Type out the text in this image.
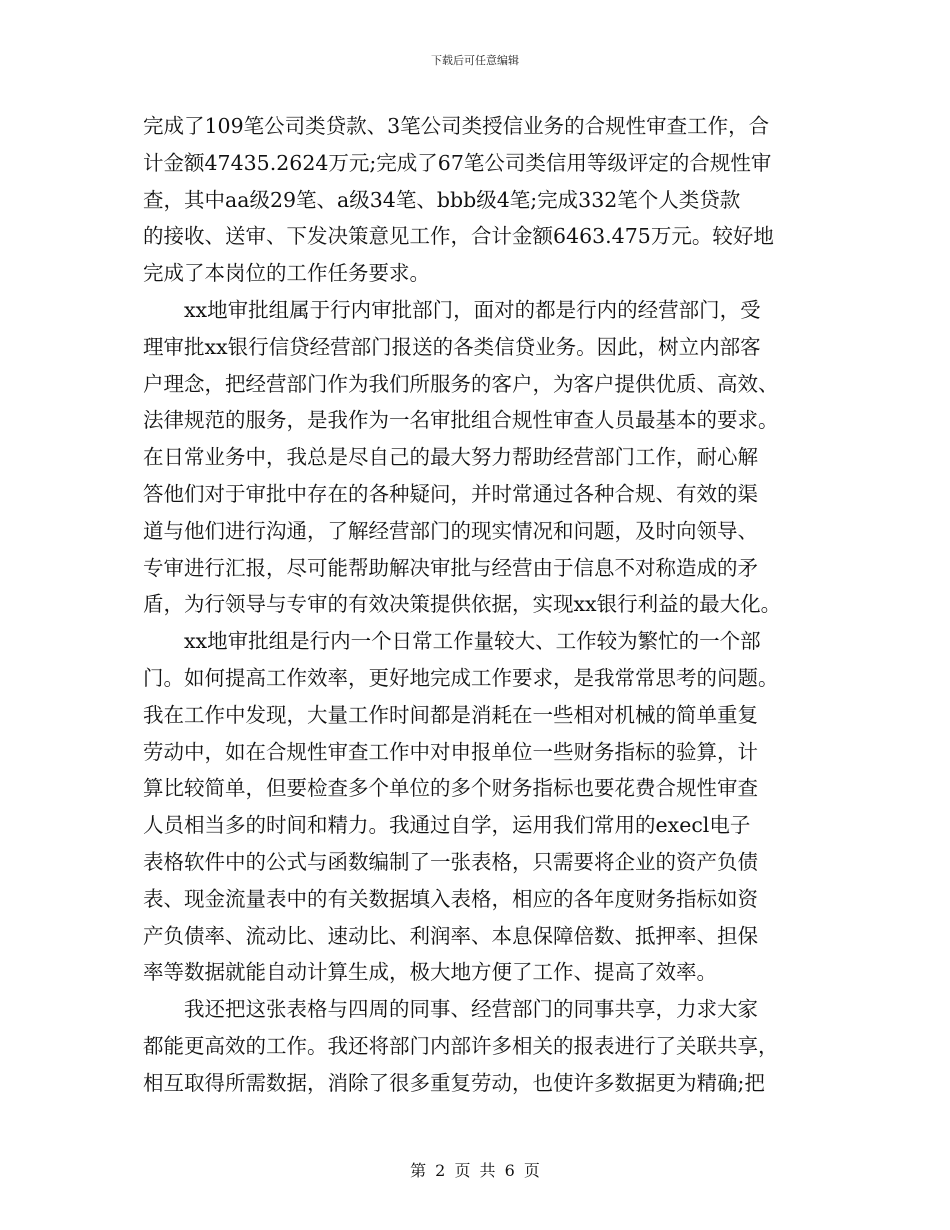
下载后可任意编辑
完成了109笔公司类贷款、3笔公司类授信业务的合规性审查工作，合
计金额47435.2624万元;完成了67笔公司类信用等级评定的合规性审
查，其中aa级29笔、a级34笔、bbb级4笔;完成332笔个人类贷款
的接收、送审、下发决策意见工作，合计金额6463.475万元。较好地
完成了本岗位的工作任务要求。
xx地审批组属于行内审批部门，面对的都是行内的经营部门，受
理审批xx银行信贷经营部门报送的各类信贷业务。因此，树立内部客
户理念，把经营部门作为我们所服务的客户，为客户提供优质、高效、
法律规范的服务，是我作为一名审批组合规性审查人员最基本的要求。
在日常业务中，我总是尽自己的最大努力帮助经营部门工作，耐心解
答他们对于审批中存在的各种疑问，并时常通过各种合规、有效的渠
道与他们进行沟通，了解经营部门的现实情况和问题，及时向领导、
专审进行汇报，尽可能帮助解决审批与经营由于信息不对称造成的矛
盾，为行领导与专审的有效决策提供依据，实现xx银行利益的最大化。
xx地审批组是行内一个日常工作量较大、工作较为繁忙的一个部
门。如何提高工作效率，更好地完成工作要求，是我常常思考的问题。
我在工作中发现，大量工作时间都是消耗在一些相对机械的简单重复
劳动中，如在合规性审查工作中对申报单位一些财务指标的验算，计
算比较简单，但要检查多个单位的多个财务指标也要花费合规性审查
人员相当多的时间和精力。我通过自学，运用我们常用的execl电子
表格软件中的公式与函数编制了一张表格，只需要将企业的资产负债
表、现金流量表中的有关数据填入表格，相应的各年度财务指标如资
产负债率、流动比、速动比、利润率、本息保障倍数、抵押率、担保
率等数据就能自动计算生成，极大地方便了工作、提高了效率。
我还把这张表格与四周的同事、经营部门的同事共享，力求大家
都能更高效的工作。我还将部门内部许多相关的报表进行了关联共享，
相互取得所需数据，消除了很多重复劳动，也使许多数据更为精确;把
第 2 页 共 6 页
